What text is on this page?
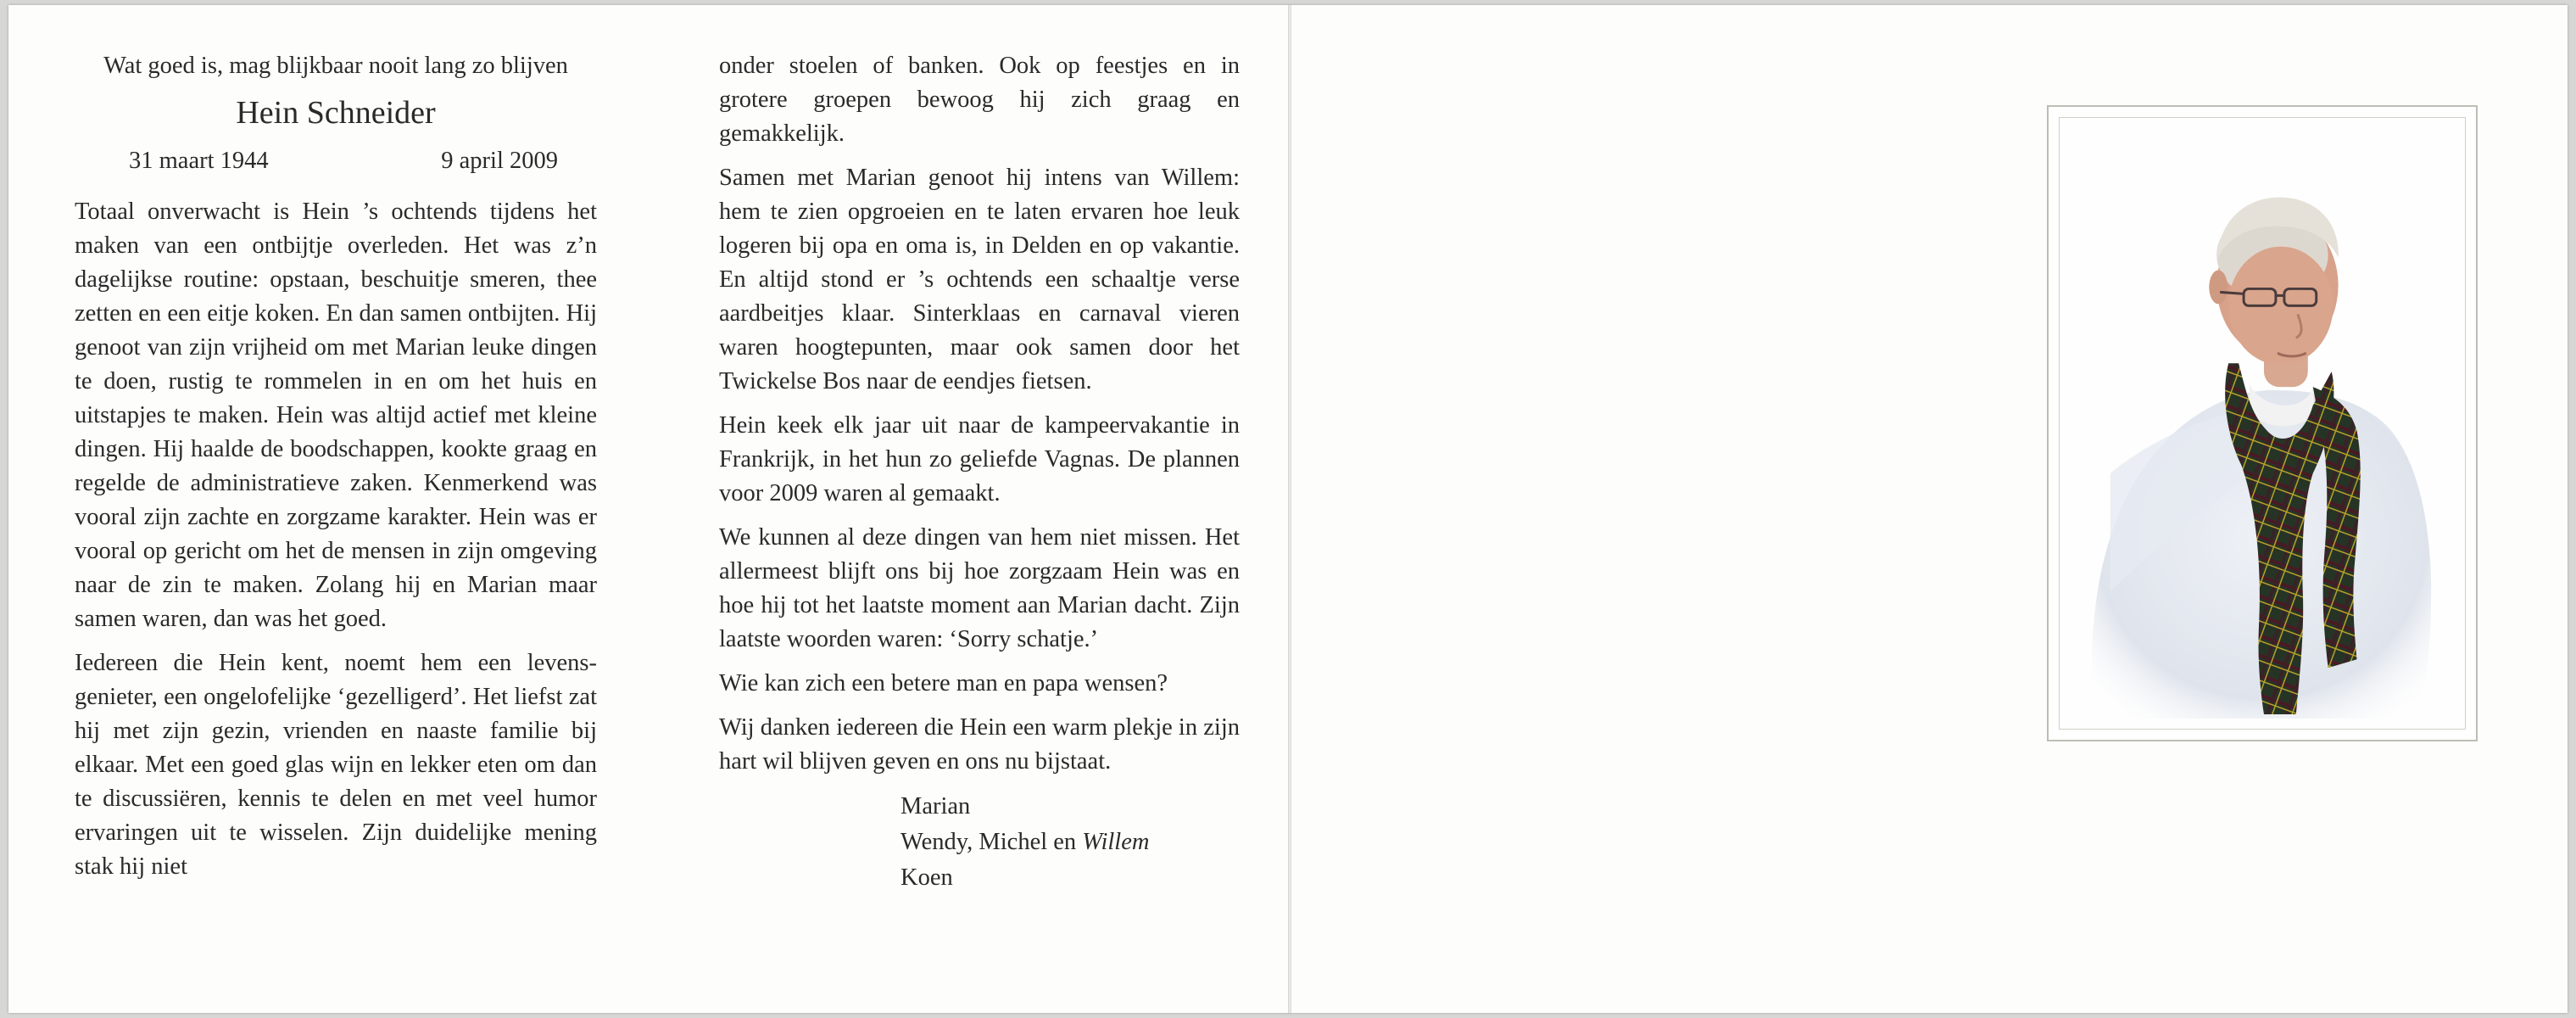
Wat goed is, mag blijkbaar nooit lang zo blijven
Hein Schneider
31 maart 1944	9 april 2009

Totaal onverwacht is Hein ’s ochtends tijdens het maken van een ontbijtje overleden. Het was z’n dagelijkse routine: opstaan, beschuitje smeren, thee zetten en een eitje koken. En dan samen ontbijten. Hij genoot van zijn vrijheid om met Marian leuke dingen te doen, rustig te rommelen in en om het huis en uitstapjes te maken. Hein was altijd actief met kleine dingen. Hij haalde de boodschappen, kookte graag en regelde de administratieve zaken. Kenmerkend was vooral zijn zachte en zorgzame karakter. Hein was er vooral op gericht om het de mensen in zijn omgeving naar de zin te maken. Zolang hij en Marian maar samen waren, dan was het goed.

Iedereen die Hein kent, noemt hem een levensgenieter, een ongelofelijke ‘gezelligerd’. Het liefst zat hij met zijn gezin, vrienden en naaste familie bij elkaar. Met een goed glas wijn en lekker eten om dan te discussiëren, kennis te delen en met veel humor ervaringen uit te wisselen. Zijn duidelijke mening stak hij niet

onder stoelen of banken. Ook op feestjes en in grotere groepen bewoog hij zich graag en gemakkelijk.

Samen met Marian genoot hij intens van Willem: hem te zien opgroeien en te laten ervaren hoe leuk logeren bij opa en oma is, in Delden en op vakantie. En altijd stond er ’s ochtends een schaaltje verse aardbeitjes klaar. Sinterklaas en carnaval vieren waren hoogtepunten, maar ook samen door het Twickelse Bos naar de eendjes fietsen.

Hein keek elk jaar uit naar de kampeervakantie in Frankrijk, in het hun zo geliefde Vagnas. De plannen voor 2009 waren al gemaakt.

We kunnen al deze dingen van hem niet missen. Het allermeest blijft ons bij hoe zorgzaam Hein was en hoe hij tot het laatste moment aan Marian dacht. Zijn laatste woorden waren: ‘Sorry schatje.’

Wie kan zich een betere man en papa wensen?

Wij danken iedereen die Hein een warm plekje in zijn hart wil blijven geven en ons nu bijstaat.

Marian
Wendy, Michel en Willem
Koen
